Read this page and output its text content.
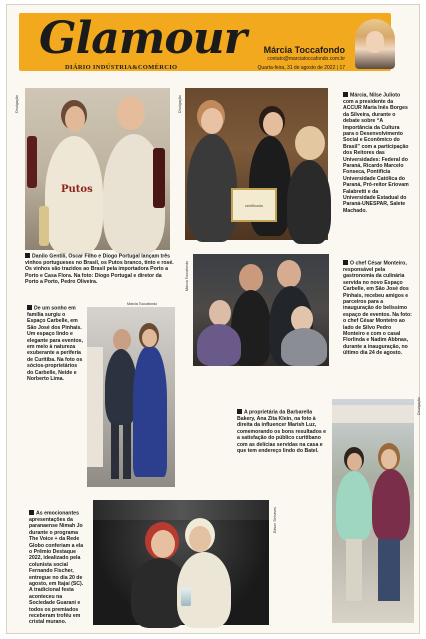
Glamour
DIÁRIO INDÚSTRIA&COMÉRCIO
Márcia Toccafondo
contato@marciatoccafondo.com.br
Quarta-feira, 31 de agosto de 2022 | 17
Putos
Divulgação
Danilo Gentili, Oscar Filho e Diogo Portugal lançam três vinhos portugueses no Brasil, os Putos branco, tinto e rosé. Os vinhos são trazidos ao Brasil pela importadora Porto a Porto e Casa Flora. Na foto: Diogo Portugal e diretor da Porto a Porto, Pedro Oliveira.
certificado
Divulgação	Márcia, Nilse Julioto com a presidente da ACCUR Maria Inês Borges da Silveira, durante o debate sobre “A Importância da Cultura para o Desenvolvimento Social e Econômico do Brasil” com a participação dos Reitores das Universidades: Federal do Paraná, Ricardo Marcelo Fonseca, Pontifícia Universidade Católica do Paraná, Pró-reitor Eriovam Falabretti e da Universidade Estadual do Paraná-UNESPAR, Salete Machado.
Márcia Toccafondo	O chef César Monteiro, responsável pela gastronomia da culinária servida no novo Espaço Carbelle, em São José dos Pinhais, recebeu amigos e parceiros para a inauguração do belíssimo espaço de eventos. Na foto: o chef César Monteiro ao lado de Silvo Pedro Monteiro e com o casal Florlinda e Nadim Abbnas, durante a inauguração, no último dia 24 de agosto.
De um sonho em família surgiu o Espaço Carbelle, em São José dos Pinhais. Um espaço lindo e elegante para eventos, em meio à natureza exuberante a periferia de Curitiba. Na foto os sócios-proprietários do Carbelle, Neide e Norberto Lima.
Márcia Toccafondo
A proprietária da Barbarella Bakery, Ana Zita Klein, na foto à direita da influencer Marish Luz, comemorando os bons resultados e a satisfação do público curitibano com as delícias servidas na casa e que tem endereço lindo do Batel.
Divulgação
As emocionantes apresentações da paranaense Nimah Jo durante o programa The Voice + da Rede Globo conferiam a ela o Prêmio Destaque 2022, idealizado pela colunista social Fernando Fischer, entregue no dia 20 de agosto, em Itajaí (SC). A tradicional festa aconteceu na Sociedade Guarani e todos os premiados receberam troféu em cristal murano.
Edson Sinhaves
